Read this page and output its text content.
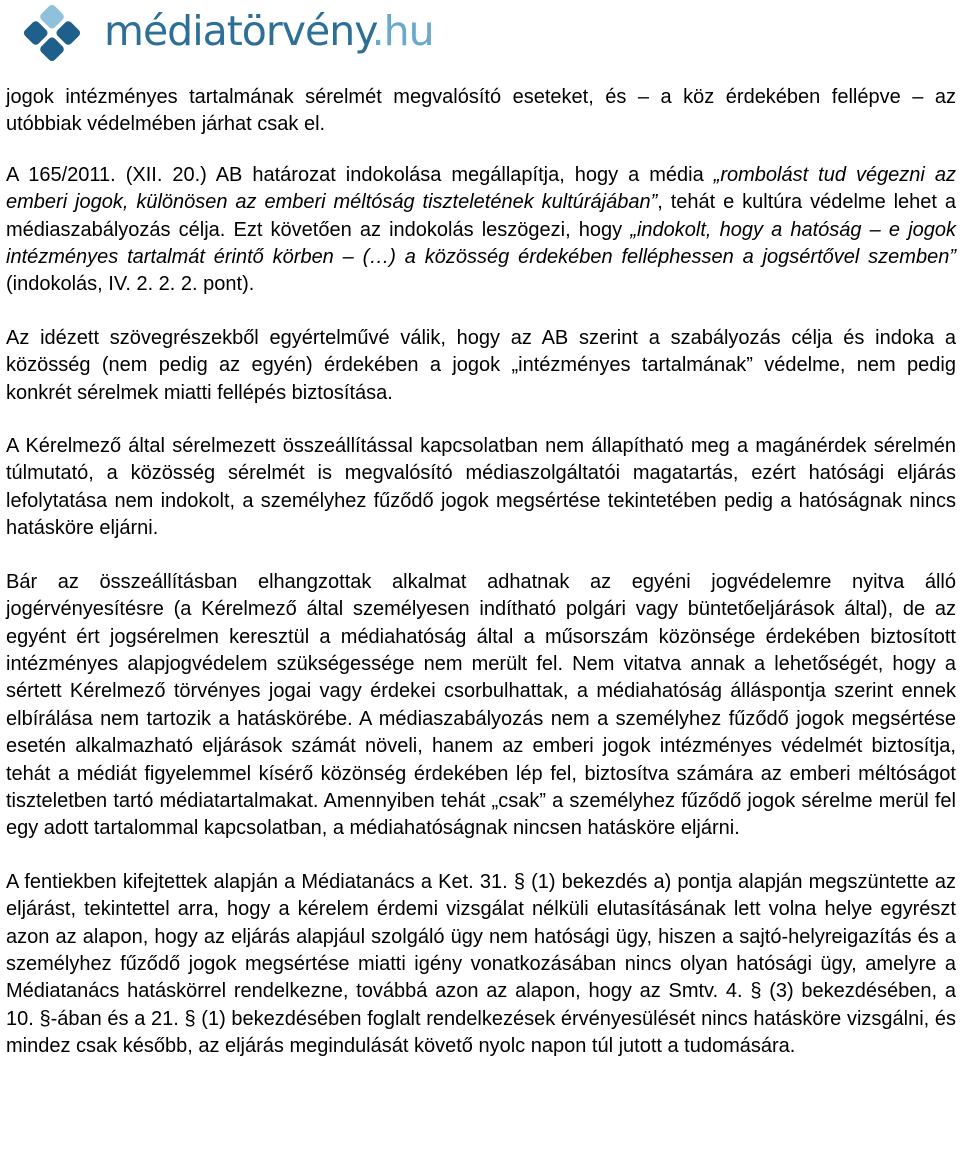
médiatörvény.hu

jogok intézményes tartalmának sérelmét megvalósító eseteket, és – a köz érdekében fellépve – az utóbbiak védelmében járhat csak el.

A 165/2011. (XII. 20.) AB határozat indokolása megállapítja, hogy a média „rombolást tud végezni az emberi jogok, különösen az emberi méltóság tiszteletének kultúrájában”, tehát e kultúra védelme lehet a médiaszabályozás célja. Ezt követően az indokolás leszögezi, hogy „indokolt, hogy a hatóság – e jogok intézményes tartalmát érintő körben – (…) a közösség érdekében felléphessen a jogsértővel szemben” (indokolás, IV. 2. 2. 2. pont).

Az idézett szövegrészekből egyértelművé válik, hogy az AB szerint a szabályozás célja és indoka a közösség (nem pedig az egyén) érdekében a jogok „intézményes tartalmának” védelme, nem pedig konkrét sérelmek miatti fellépés biztosítása.

A Kérelmező által sérelmezett összeállítással kapcsolatban nem állapítható meg a magánérdek sérelmén túlmutató, a közösség sérelmét is megvalósító médiaszolgáltatói magatartás, ezért hatósági eljárás lefolytatása nem indokolt, a személyhez fűződő jogok megsértése tekintetében pedig a hatóságnak nincs hatásköre eljárni.

Bár az összeállításban elhangzottak alkalmat adhatnak az egyéni jogvédelemre nyitva álló jogérvényesítésre (a Kérelmező által személyesen indítható polgári vagy büntetőeljárások által), de az egyént ért jogsérelmen keresztül a médiahatóság által a műsorszám közönsége érdekében biztosított intézményes alapjogvédelem szükségessége nem merült fel. Nem vitatva annak a lehetőségét, hogy a sértett Kérelmező törvényes jogai vagy érdekei csorbulhattak, a médiahatóság álláspontja szerint ennek elbírálása nem tartozik a hatáskörébe. A médiaszabályozás nem a személyhez fűződő jogok megsértése esetén alkalmazható eljárások számát növeli, hanem az emberi jogok intézményes védelmét biztosítja, tehát a médiát figyelemmel kísérő közönség érdekében lép fel, biztosítva számára az emberi méltóságot tiszteletben tartó médiatartalmakat. Amennyiben tehát „csak” a személyhez fűződő jogok sérelme merül fel egy adott tartalommal kapcsolatban, a médiahatóságnak nincsen hatásköre eljárni.

A fentiekben kifejtettek alapján a Médiatanács a Ket. 31. § (1) bekezdés a) pontja alapján megszüntette az eljárást, tekintettel arra, hogy a kérelem érdemi vizsgálat nélküli elutasításának lett volna helye egyrészt azon az alapon, hogy az eljárás alapjául szolgáló ügy nem hatósági ügy, hiszen a sajtó-helyreigazítás és a személyhez fűződő jogok megsértése miatti igény vonatkozásában nincs olyan hatósági ügy, amelyre a Médiatanács hatáskörrel rendelkezne, továbbá azon az alapon, hogy az Smtv. 4. § (3) bekezdésében, a 10. §-ában és a 21. § (1) bekezdésében foglalt rendelkezések érvényesülését nincs hatásköre vizsgálni, és mindez csak később, az eljárás megindulását követő nyolc napon túl jutott a tudomására.
